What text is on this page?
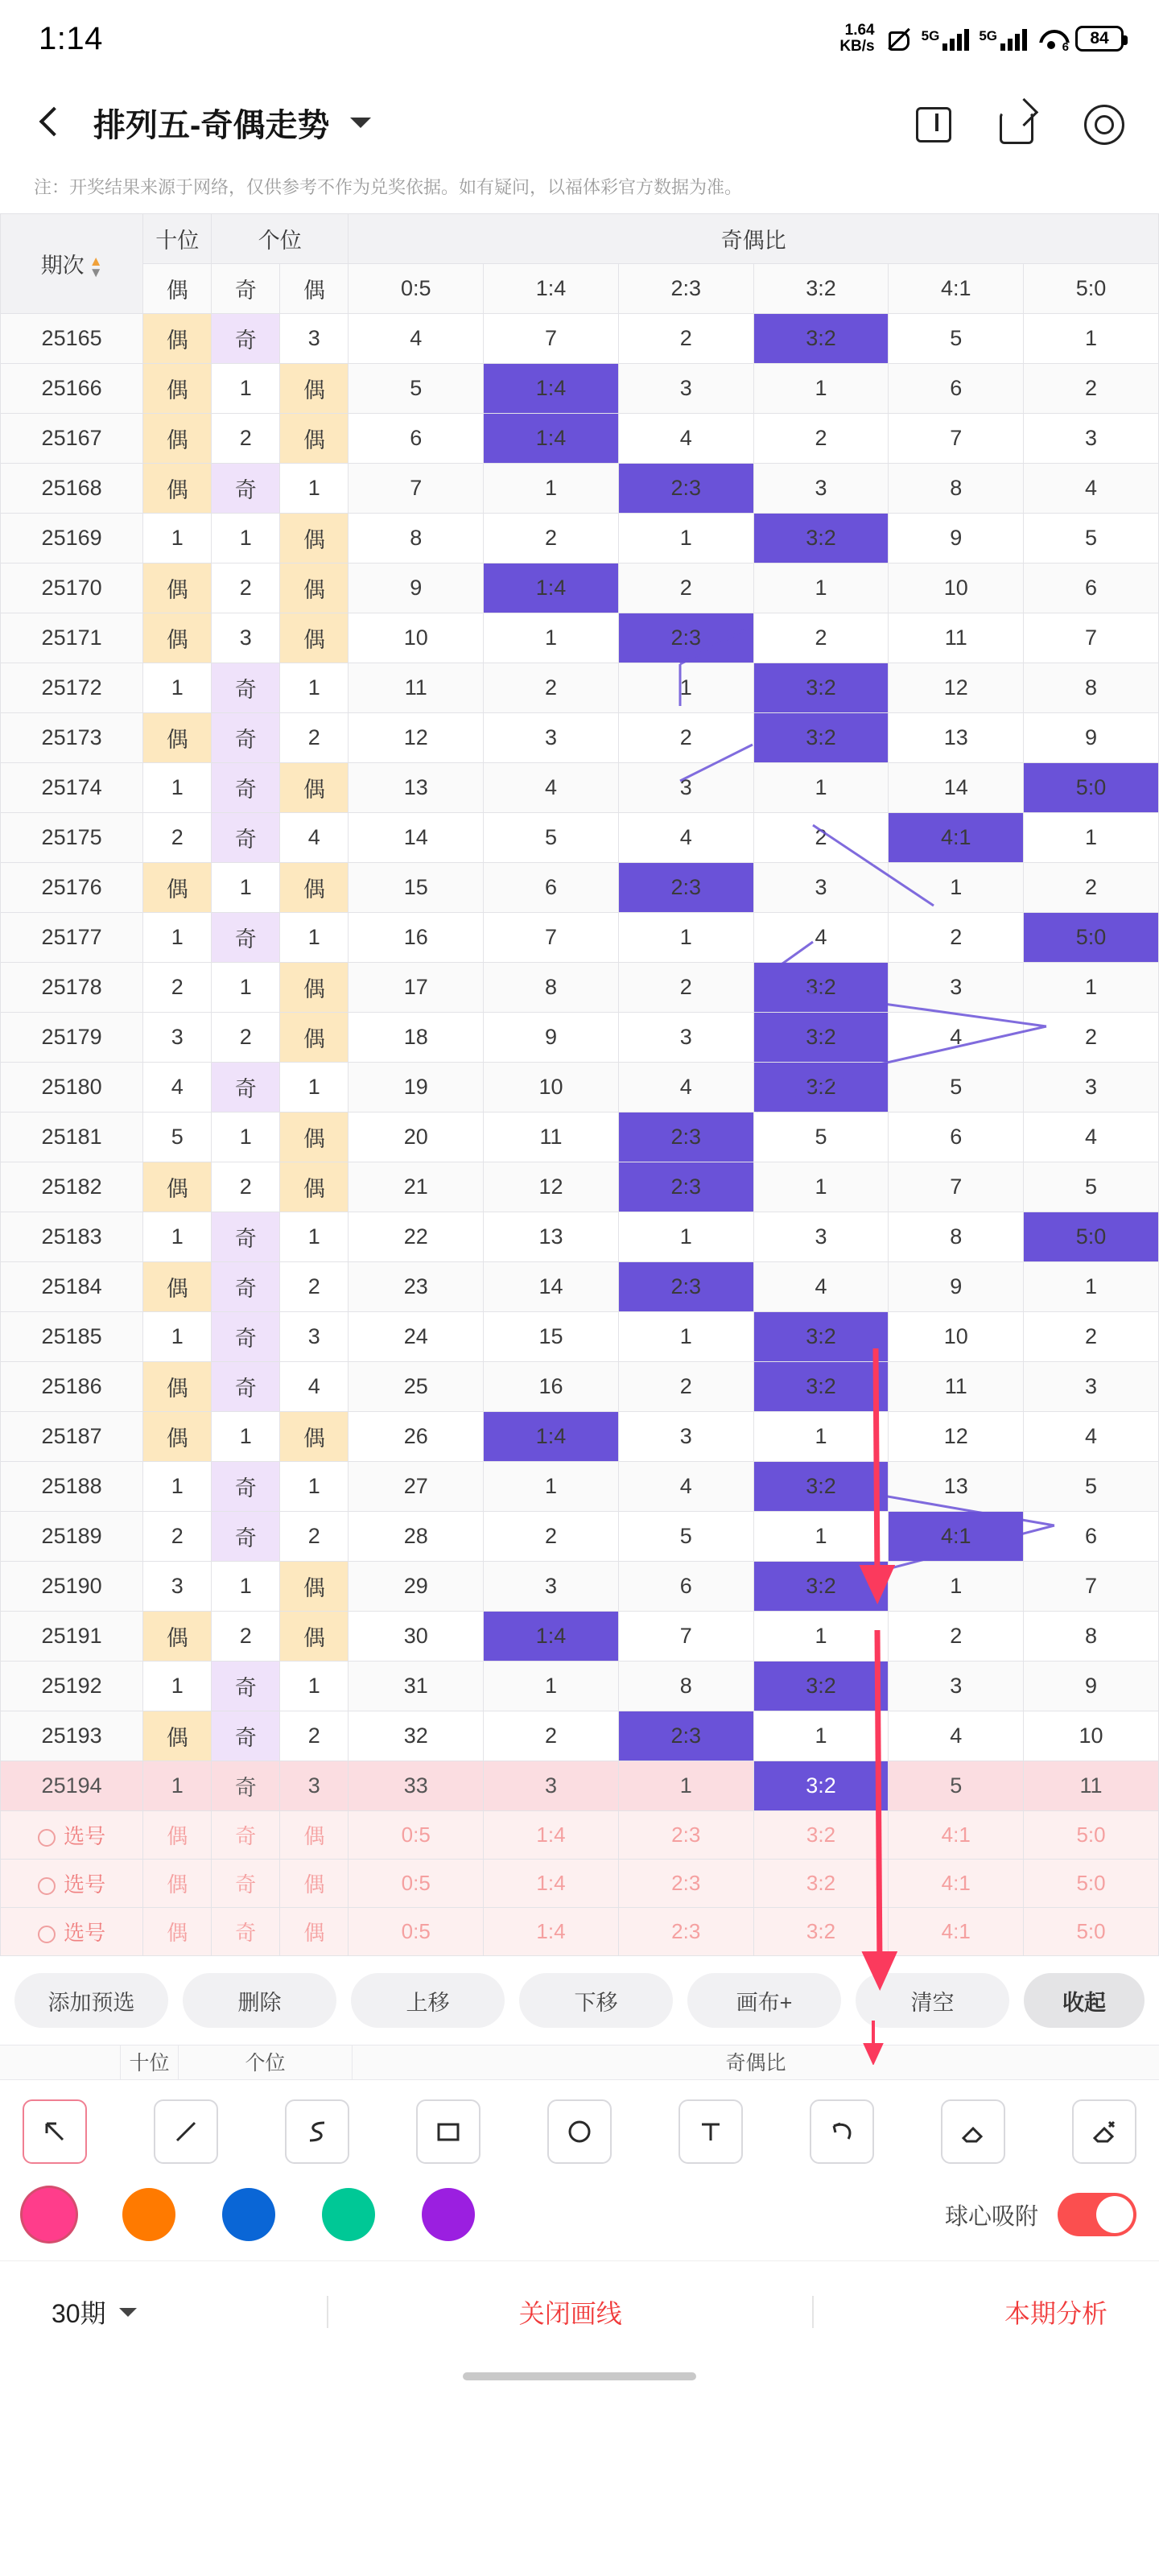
1:14	1.64
KB/s
5G	5G
6 84
排列五-奇偶走势
注：开奖结果来源于网络，仅供参考不作为兑奖依据。如有疑问，以福体彩官方数据为准。
期次 ▲
▼	十位	个位		奇偶比					
	偶	奇	偶	0:5	1:4	2:3	3:2	4:1	5:0
25165	偶	奇	3	4	7	2	3:2	5	1
25166	偶	1	偶	5	1:4	3	1	6	2
25167	偶	2	偶	6	1:4	4	2	7	3
25168	偶	奇	1	7	1	2:3	3	8	4
25169	1	1	偶	8	2	1	3:2	9	5
25170	偶	2	偶	9	1:4	2	1	10	6
25171	偶	3	偶	10	1	2:3	2	11	7
25172	1	奇	1	11	2	1	3:2	12	8
25173	偶	奇	2	12	3	2	3:2	13	9
25174	1	奇	偶	13	4	3	1	14	5:0
25175	2	奇	4	14	5	4	2	4:1	1
25176	偶	1	偶	15	6	2:3	3	1	2
25177	1	奇	1	16	7	1	4	2	5:0
25178	2	1	偶	17	8	2	3:2	3	1
25179	3	2	偶	18	9	3	3:2	4	2
25180	4	奇	1	19	10	4	3:2	5	3
25181	5	1	偶	20	11	2:3	5	6	4
25182	偶	2	偶	21	12	2:3	1	7	5
25183	1	奇	1	22	13	1	3	8	5:0
25184	偶	奇	2	23	14	2:3	4	9	1
25185	1	奇	3	24	15	1	3:2	10	2
25186	偶	奇	4	25	16	2	3:2	11	3
25187	偶	1	偶	26	1:4	3	1	12	4
25188	1	奇	1	27	1	4	3:2	13	5
25189	2	奇	2	28	2	5	1	4:1	6
25190	3	1	偶	29	3	6	3:2	1	7
25191	偶	2	偶	30	1:4	7	1	2	8
25192	1	奇	1	31	1	8	3:2	3	9
25193	偶	奇	2	32	2	2:3	1	4	10
25194	1	奇	3	33	3	1	3:2	5	11
选号	偶	奇	偶	0:5	1:4	2:3	3:2	4:1	5:0
选号	偶	奇	偶	0:5	1:4	2:3	3:2	4:1	5:0
选号	偶	奇	偶	0:5	1:4	2:3	3:2	4:1	5:0
添加预选	删除	上移	下移	画布+	清空	收起
十位	个位	奇偶比
球心吸附
30期	关闭画线	本期分析
